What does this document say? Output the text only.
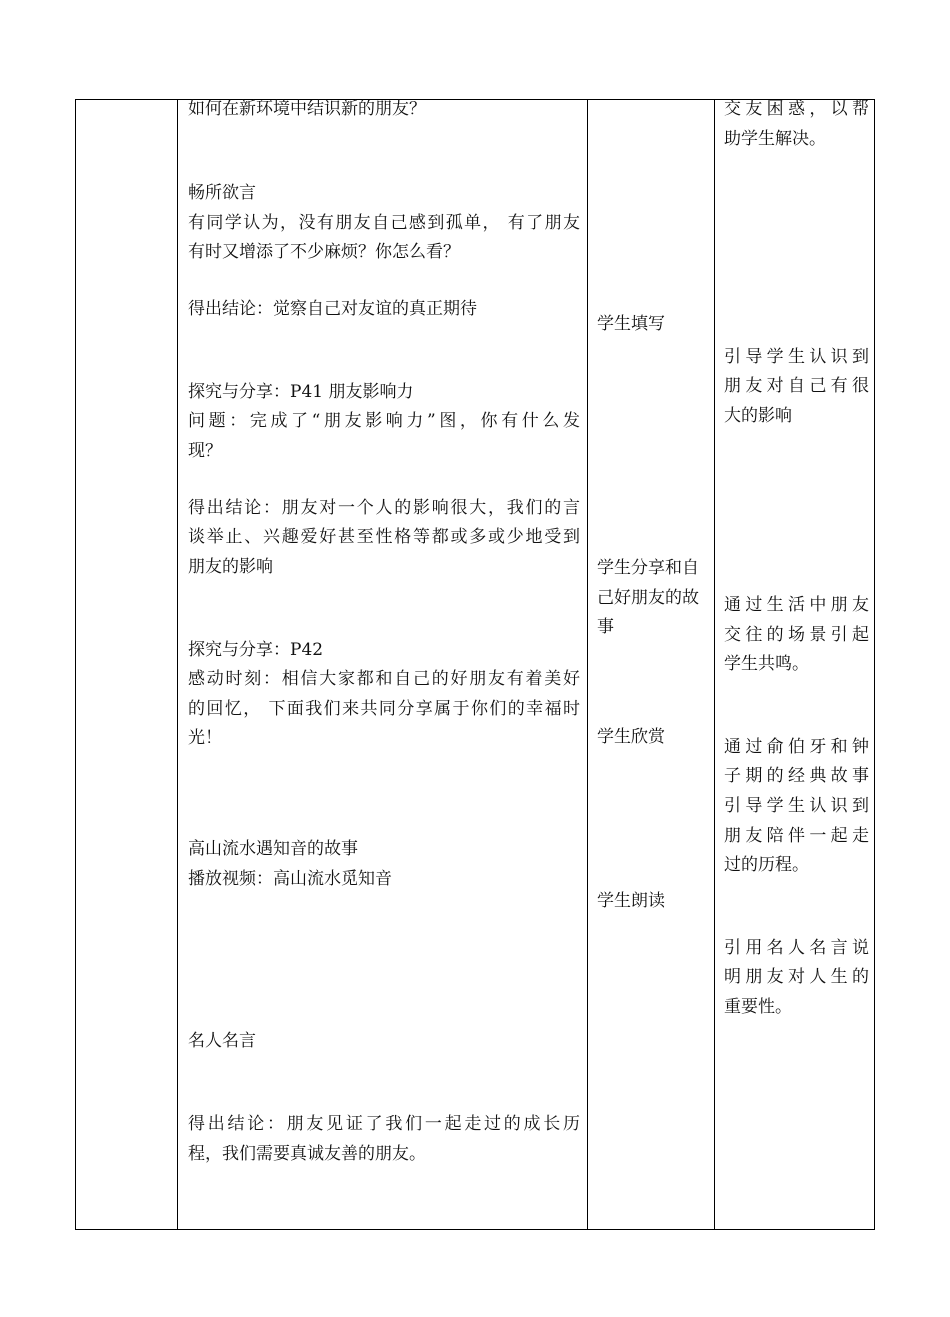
如何在新环境中结识新的朋友？
畅所欲言
有同学认为，没有朋友自己感到孤单， 有了朋友
有时又增添了不少麻烦？你怎么看？
得出结论：觉察自己对友谊的真正期待
探究与分享：P41 朋友影响力
问题：完成了“朋友影响力”图，你有什么发
现？
得出结论：朋友对一个人的影响很大，我们的言
谈举止、兴趣爱好甚至性格等都或多或少地受到
朋友的影响
探究与分享：P42
感动时刻：相信大家都和自己的好朋友有着美好
的回忆， 下面我们来共同分享属于你们的幸福时
光！
高山流水遇知音的故事
播放视频：高山流水觅知音
名人名言
得出结论：朋友见证了我们一起走过的成长历
程，我们需要真诚友善的朋友。
学生填写
学生分享和自
己好朋友的故
事
学生欣赏
学生朗读
交友困惑，以帮
助学生解决。
引导学生认识到
朋友对自己有很
大的影响
通过生活中朋友
交往的场景引起
学生共鸣。
通过俞伯牙和钟
子期的经典故事
引导学生认识到
朋友陪伴一起走
过的历程。
引用名人名言说
明朋友对人生的
重要性。
